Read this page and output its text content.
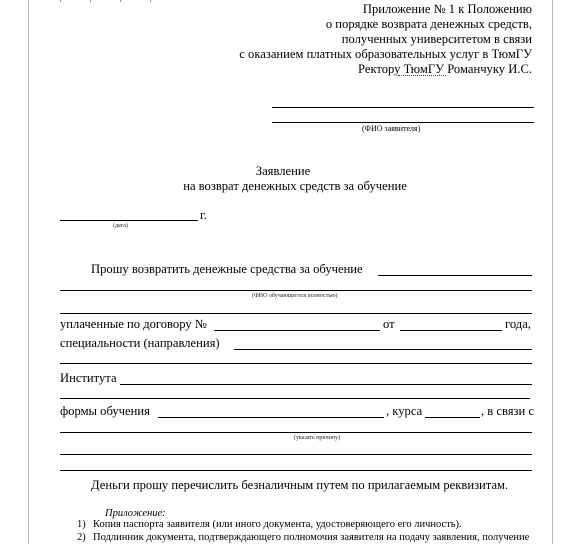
Приложение № 1 к Положению
о порядке возврата денежных средств,
полученных университетом в связи
с оказанием платных образовательных услуг в ТюмГУ
Ректору ТюмГУ Романчуку И.С.
(ФИО заявителя)
Заявление
на возврат денежных средств за обучение
г.
(дата)
Прошу возвратить денежные средства за обучение
(ФИО обучающегося полностью)
уплаченные по договору №	от	года,
специальности (направления)
Института
формы обучения	, курса	, в связи с
(указать причину)
Деньги прошу перечислить безналичным путем по прилагаемым реквизитам.
Приложение:
1) Копия паспорта заявителя (или иного документа, удостоверяющего его личность).
2) Подлинник документа, подтверждающего полномочия заявителя на подачу заявления, получение
